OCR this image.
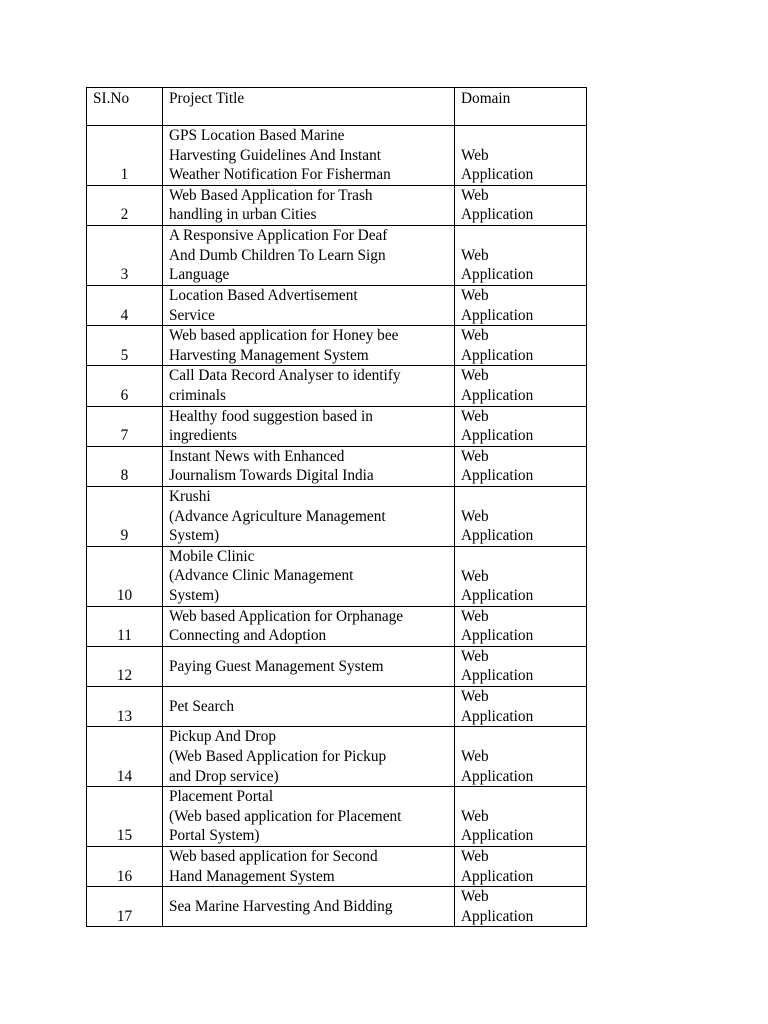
SI.No	Project Title	Domain
1	GPS Location Based Marine
Harvesting Guidelines And Instant
Weather Notification For Fisherman	Web
Application
2	Web Based Application for Trash
handling in urban Cities	Web
Application
3	A Responsive Application For Deaf
And Dumb Children To Learn Sign
Language	Web
Application
4	Location Based Advertisement
Service	Web
Application
5	Web based application for Honey bee
Harvesting Management System	Web
Application
6	Call Data Record Analyser to identify
criminals	Web
Application
7	Healthy food suggestion based in
ingredients	Web
Application
8	Instant News with Enhanced
Journalism Towards Digital India	Web
Application
9	Krushi
(Advance Agriculture Management
System)	Web
Application
10	Mobile Clinic
(Advance Clinic Management
System)	Web
Application
11	Web based Application for Orphanage
Connecting and Adoption	Web
Application
12	Paying Guest Management System	Web
Application
13	Pet Search	Web
Application
14	Pickup And Drop
(Web Based Application for Pickup
and Drop service)	Web
Application
15	Placement Portal
(Web based application for Placement
Portal System)	Web
Application
16	Web based application for Second
Hand Management System	Web
Application
17	Sea Marine Harvesting And Bidding	Web
Application
